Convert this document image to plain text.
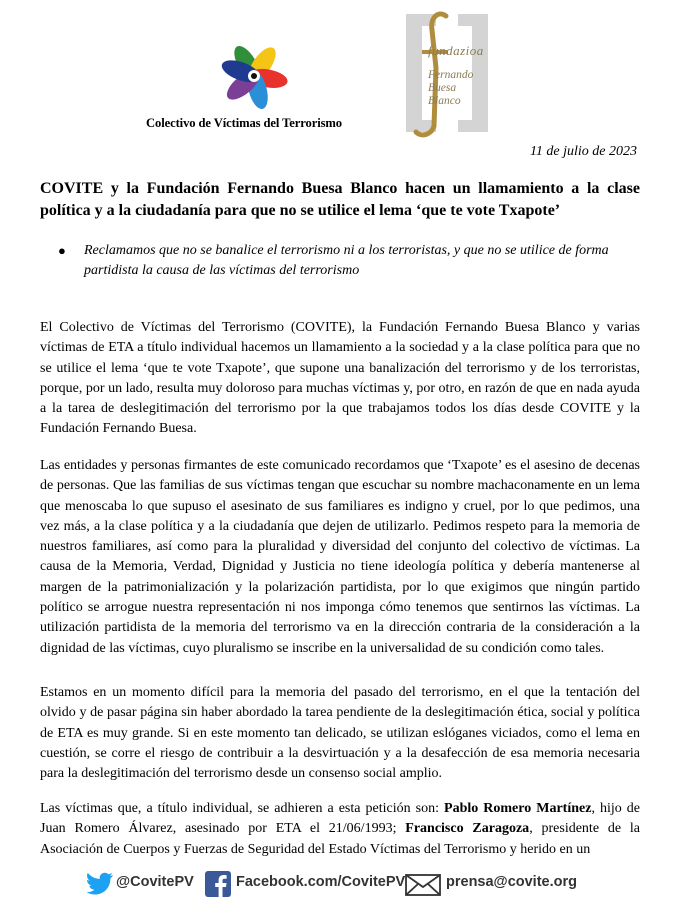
Colectivo de Víctimas del Terrorismo
fundazioa
Fernando
Buesa
Blanco
11 de julio de 2023
COVITE y la Fundación Fernando Buesa Blanco hacen un llamamiento a la clase política y a la ciudadanía para que no se utilice el lema ‘que te vote Txapote’
● Reclamamos que no se banalice el terrorismo ni a los terroristas, y que no se utilice de forma partidista la causa de las víctimas del terrorismo

El Colectivo de Víctimas del Terrorismo (COVITE), la Fundación Fernando Buesa Blanco y varias víctimas de ETA a título individual hacemos un llamamiento a la sociedad y a la clase política para que no se utilice el lema ‘que te vote Txapote’, que supone una banalización del terrorismo y de los terroristas, porque, por un lado, resulta muy doloroso para muchas víctimas y, por otro, en razón de que en nada ayuda a la tarea de deslegitimación del terrorismo por la que trabajamos todos los días desde COVITE y la Fundación Fernando Buesa.

Las entidades y personas firmantes de este comunicado recordamos que ‘Txapote’ es el asesino de decenas de personas. Que las familias de sus víctimas tengan que escuchar su nombre machaconamente en un lema que menoscaba lo que supuso el asesinato de sus familiares es indigno y cruel, por lo que pedimos, una vez más, a la clase política y a la ciudadanía que dejen de utilizarlo. Pedimos respeto para la memoria de nuestros familiares, así como para la pluralidad y diversidad del conjunto del colectivo de víctimas. La causa de la Memoria, Verdad, Dignidad y Justicia no tiene ideología política y debería mantenerse al margen de la patrimonialización y la polarización partidista, por lo que exigimos que ningún partido político se arrogue nuestra representación ni nos imponga cómo tenemos que sentirnos las víctimas. La utilización partidista de la memoria del terrorismo va en la dirección contraria de la consideración a la dignidad de las víctimas, cuyo pluralismo se inscribe en la universalidad de su condición como tales.

Estamos en un momento difícil para la memoria del pasado del terrorismo, en el que la tentación del olvido y de pasar página sin haber abordado la tarea pendiente de la deslegitimación ética, social y política de ETA es muy grande. Si en este momento tan delicado, se utilizan eslóganes viciados, como el lema en cuestión, se corre el riesgo de contribuir a la desvirtuación y a la desafección de esa memoria necesaria para la deslegitimación del terrorismo desde un consenso social amplio.

Las víctimas que, a título individual, se adhieren a esta petición son: Pablo Romero Martínez, hijo de Juan Romero Álvarez, asesinado por ETA el 21/06/1993; Francisco Zaragoza, presidente de la Asociación de Cuerpos y Fuerzas de Seguridad del Estado Víctimas del Terrorismo y herido en un

@CovitePV	Facebook.com/CovitePV	prensa@covite.org
